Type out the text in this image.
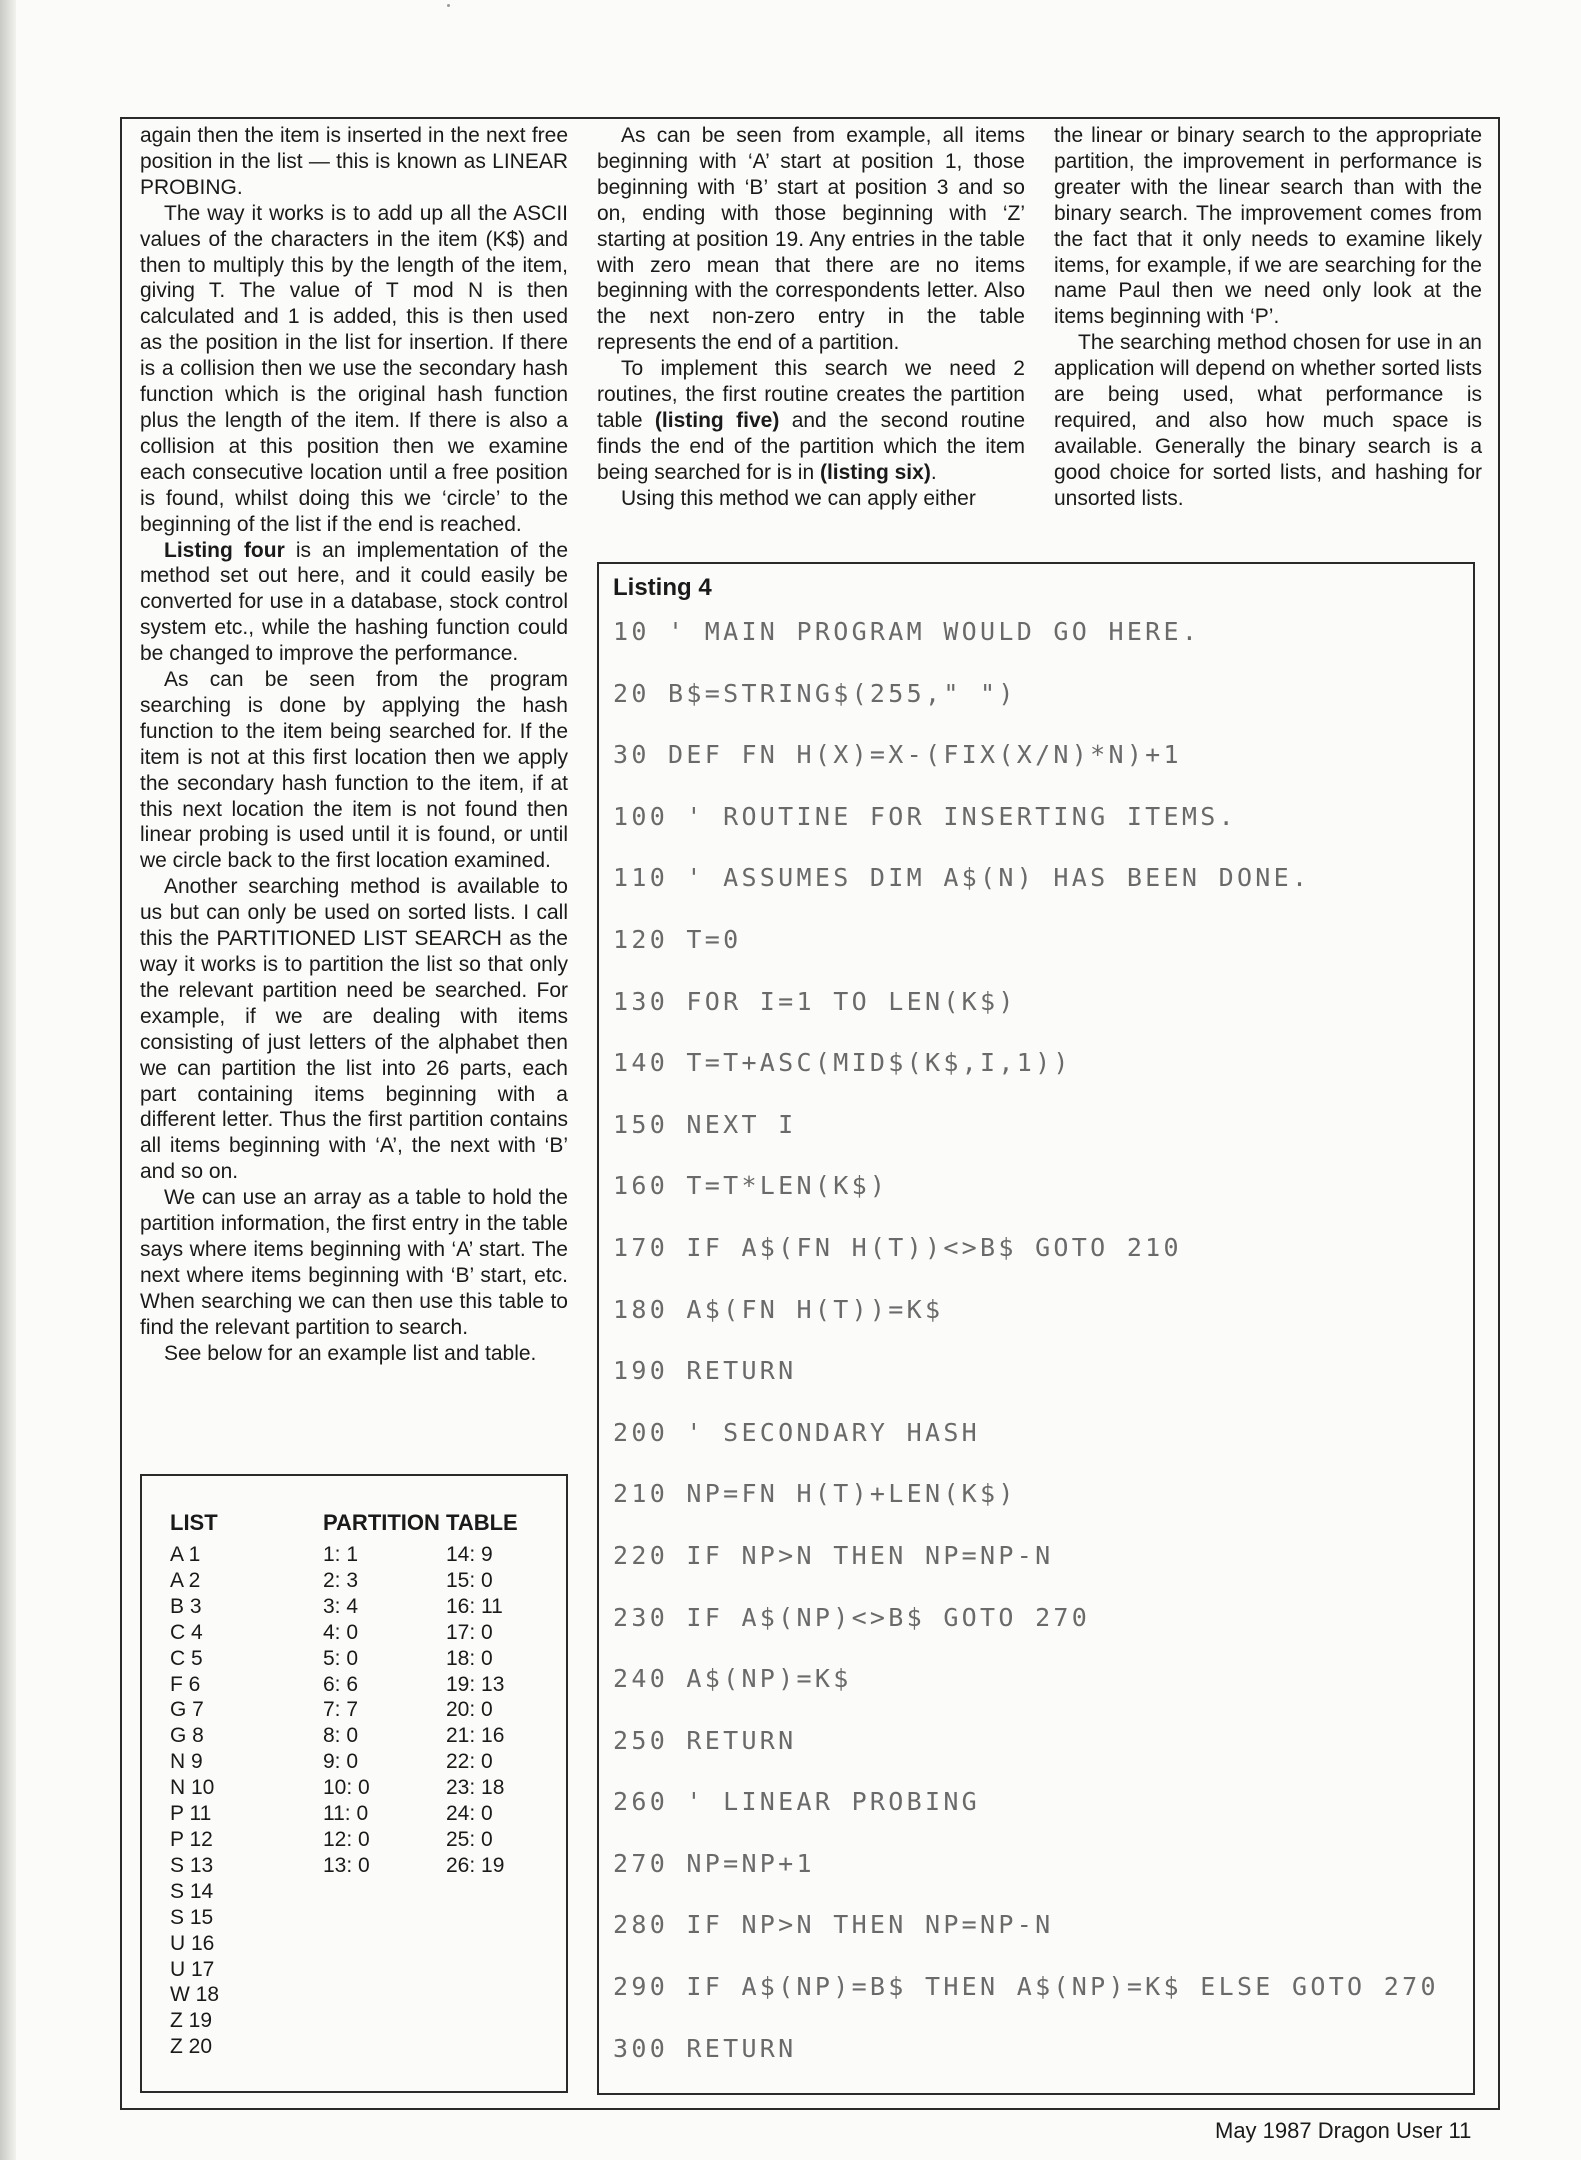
again then the item is inserted in the next free position in the list — this is known as LINEAR PROBING.

The way it works is to add up all the ASCII values of the characters in the item (K$) and then to multiply this by the length of the item, giving T. The value of T mod N is then calculated and 1 is added, this is then used as the position in the list for insertion. If there is a collision then we use the secondary hash function which is the original hash function plus the length of the item. If there is also a collision at this position then we examine each consecutive location until a free position is found, whilst doing this we ‘circle’ to the beginning of the list if the end is reached.

Listing four is an implementation of the method set out here, and it could easily be converted for use in a database, stock control system etc., while the hashing function could be changed to improve the performance.

As can be seen from the program searching is done by applying the hash function to the item being searched for. If the item is not at this first location then we apply the secondary hash function to the item, if at this next location the item is not found then linear probing is used until it is found, or until we circle back to the first location examined.

Another searching method is available to us but can only be used on sorted lists. I call this the PARTITIONED LIST SEARCH as the way it works is to partition the list so that only the relevant partition need be searched. For example, if we are dealing with items consisting of just letters of the alphabet then we can partition the list into 26 parts, each part containing items beginning with a different letter. Thus the first partition contains all items beginning with ‘A’, the next with ‘B’ and so on.

We can use an array as a table to hold the partition information, the first entry in the table says where items beginning with ‘A’ start. The next where items beginning with ‘B’ start, etc. When searching we can then use this table to find the relevant partition to search.

See below for an example list and table.

As can be seen from example, all items beginning with ‘A’ start at position 1, those beginning with ‘B’ start at position 3 and so on, ending with those beginning with ‘Z’ starting at position 19. Any entries in the table with zero mean that there are no items beginning with the correspondents letter. Also the next non-zero entry in the table represents the end of a partition.

To implement this search we need 2 routines, the first routine creates the partition table (listing five) and the second routine finds the end of the partition which the item being searched for is in (listing six).

Using this method we can apply either

the linear or binary search to the appropriate partition, the improvement in performance is greater with the linear search than with the binary search. The improvement comes from the fact that it only needs to examine likely items, for example, if we are searching for the name Paul then we need only look at the items beginning with ‘P’.

The searching method chosen for use in an application will depend on whether sorted lists are being used, what performance is required, and also how much space is available. Generally the binary search is a good choice for sorted lists, and hashing for unsorted lists.

LIST
A 1
A 2
B 3
C 4
C 5
F 6
G 7
G 8
N 9
N 10
P 11
P 12
S 13
S 14
S 15
U 16
U 17
W 18
Z 19
Z 20
PARTITION TABLE
1: 1
2: 3
3: 4
4: 0
5: 0
6: 6
7: 7
8: 0
9: 0
10: 0
11: 0
12: 0
13: 0
14: 9
15: 0
16: 11
17: 0
18: 0
19: 13
20: 0
21: 16
22: 0
23: 18
24: 0
25: 0
26: 19
Listing 4
10 ' MAIN PROGRAM WOULD GO HERE.
20 B$=STRING$(255," ")
30 DEF FN H(X)=X-(FIX(X/N)*N)+1
100 ' ROUTINE FOR INSERTING ITEMS.
110 ' ASSUMES DIM A$(N) HAS BEEN DONE.
120 T=0
130 FOR I=1 TO LEN(K$)
140 T=T+ASC(MID$(K$,I,1))
150 NEXT I
160 T=T*LEN(K$)
170 IF A$(FN H(T))<>B$ GOTO 210
180 A$(FN H(T))=K$
190 RETURN
200 ' SECONDARY HASH
210 NP=FN H(T)+LEN(K$)
220 IF NP>N THEN NP=NP-N
230 IF A$(NP)<>B$ GOTO 270
240 A$(NP)=K$
250 RETURN
260 ' LINEAR PROBING
270 NP=NP+1
280 IF NP>N THEN NP=NP-N
290 IF A$(NP)=B$ THEN A$(NP)=K$ ELSE GOTO 270
300 RETURN
May 1987 Dragon User 11
